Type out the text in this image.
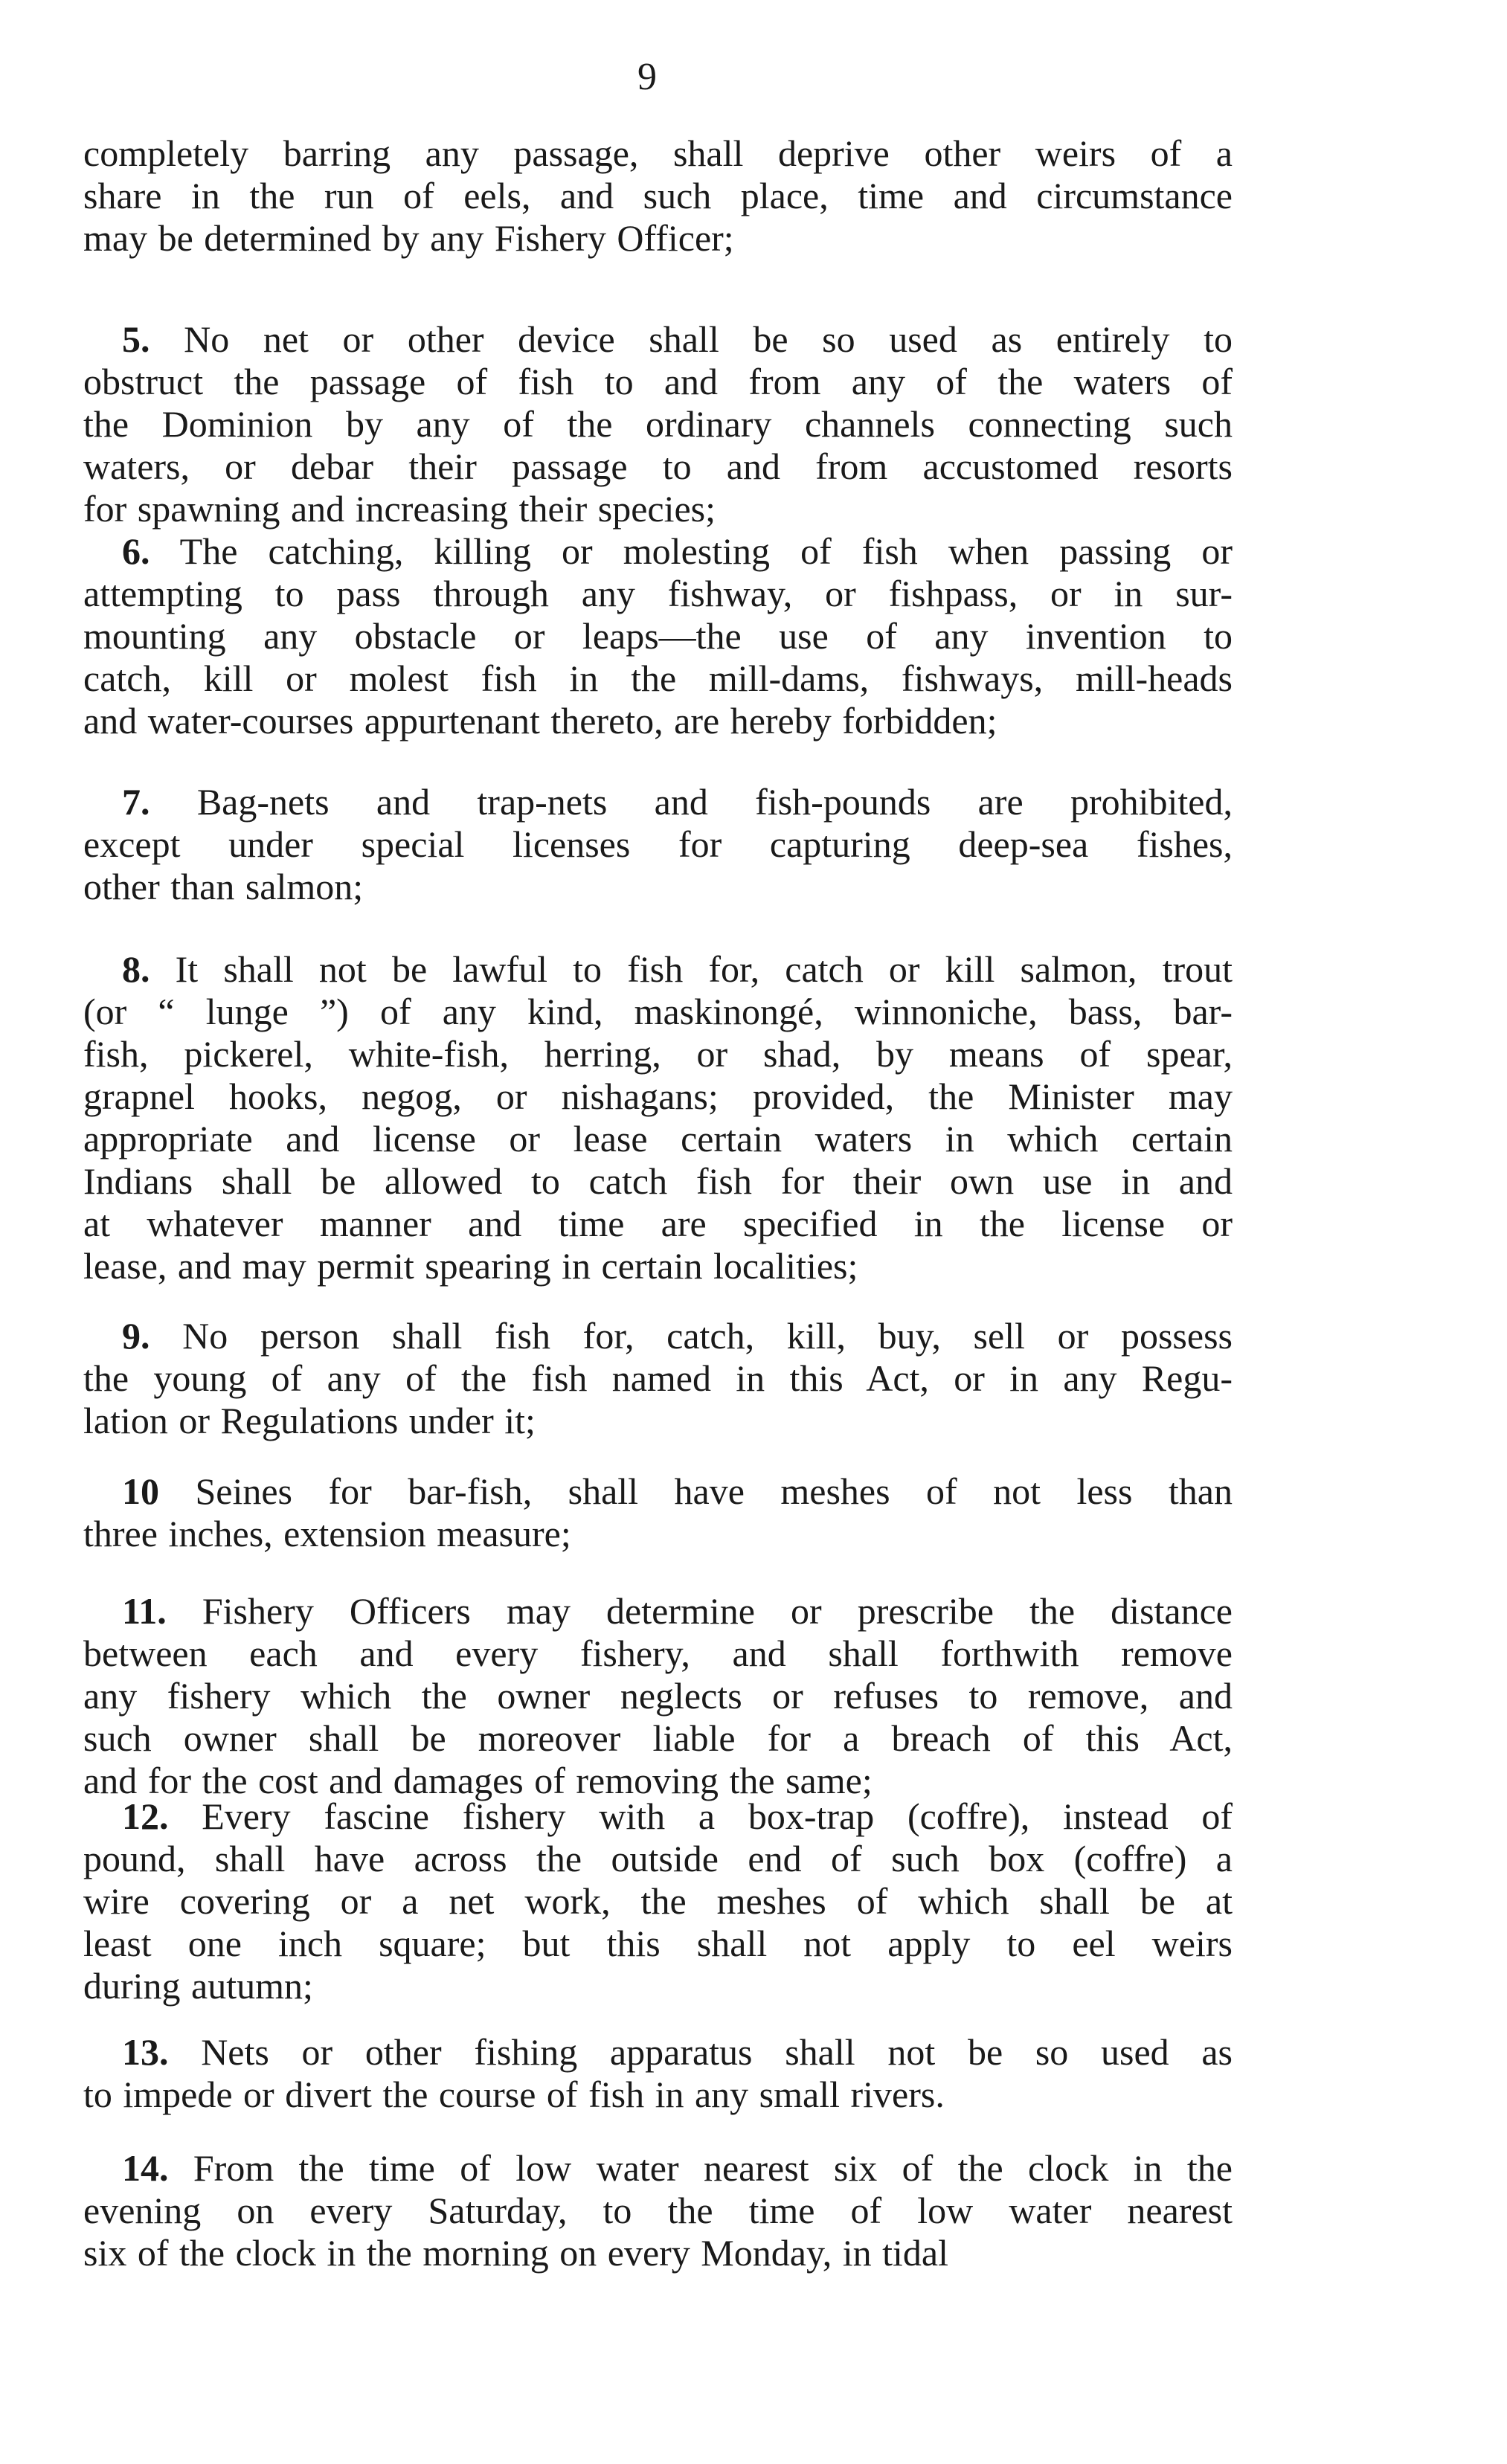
9
completely barring any passage, shall deprive other weirs of a
share in the run of eels, and such place, time and circumstance
may be determined by any Fishery Officer;
5. No net or other device shall be so used as entirely to
obstruct the passage of fish to and from any of the waters of
the Dominion by any of the ordinary channels connecting such
waters, or debar their passage to and from accustomed resorts
for spawning and increasing their species;
6. The catching, killing or molesting of fish when passing or
attempting to pass through any fishway, or fishpass, or in sur-
mounting any obstacle or leaps—the use of any invention to
catch, kill or molest fish in the mill-dams, fishways, mill-heads
and water-courses appurtenant thereto, are hereby forbidden;
7. Bag-nets and trap-nets and fish-pounds are prohibited,
except under special licenses for capturing deep-sea fishes,
other than salmon;
8. It shall not be lawful to fish for, catch or kill salmon, trout
(or “ lunge ”) of any kind, maskinongé, winnoniche, bass, bar-
fish, pickerel, white-fish, herring, or shad, by means of spear,
grapnel hooks, negog, or nishagans; provided, the Minister may
appropriate and license or lease certain waters in which certain
Indians shall be allowed to catch fish for their own use in and
at whatever manner and time are specified in the license or
lease, and may permit spearing in certain localities;
9. No person shall fish for, catch, kill, buy, sell or possess
the young of any of the fish named in this Act, or in any Regu-
lation or Regulations under it;
10 Seines for bar-fish, shall have meshes of not less than
three inches, extension measure;
11. Fishery Officers may determine or prescribe the distance
between each and every fishery, and shall forthwith remove
any fishery which the owner neglects or refuses to remove, and
such owner shall be moreover liable for a breach of this Act,
and for the cost and damages of removing the same;
12. Every fascine fishery with a box-trap (coffre), instead of
pound, shall have across the outside end of such box (coffre) a
wire covering or a net work, the meshes of which shall be at
least one inch square; but this shall not apply to eel weirs
during autumn;
13. Nets or other fishing apparatus shall not be so used as
to impede or divert the course of fish in any small rivers.
14. From the time of low water nearest six of the clock in the
evening on every Saturday, to the time of low water nearest
six of the clock in the morning on every Monday, in tidal
